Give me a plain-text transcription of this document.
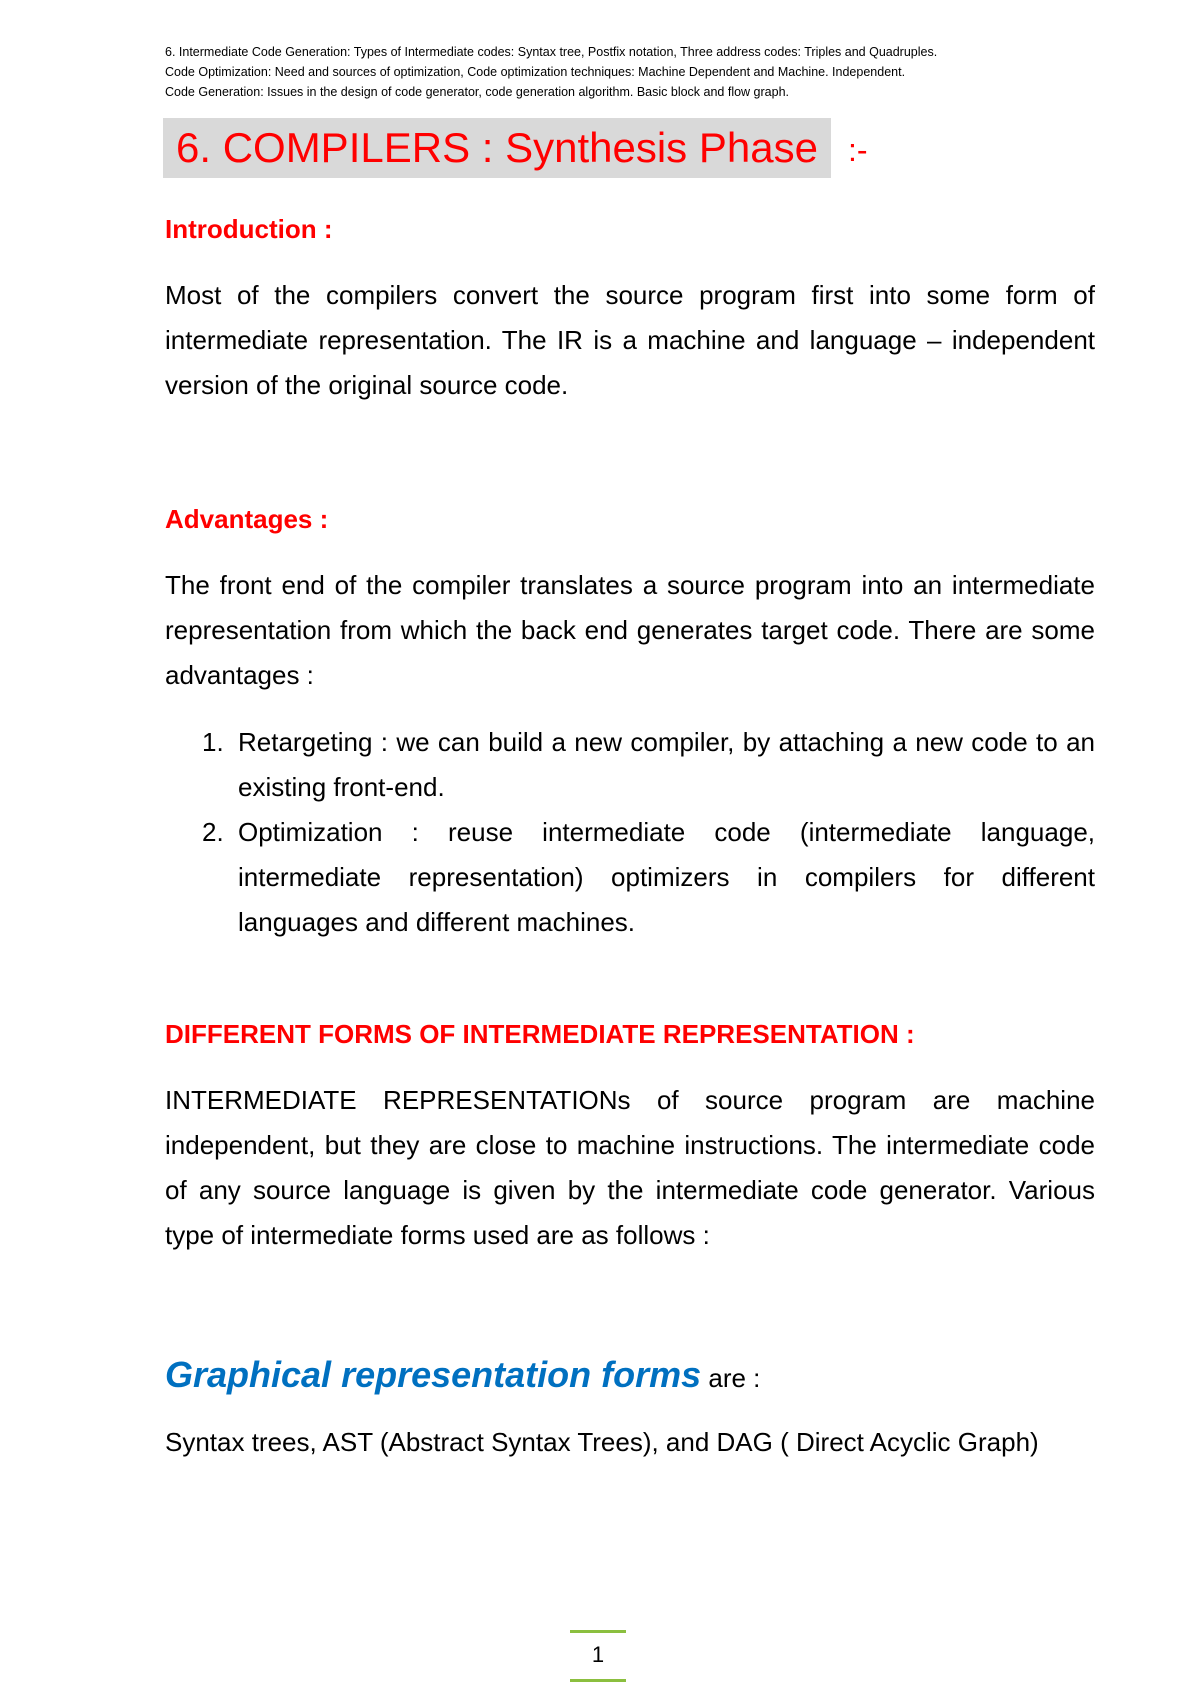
6. Intermediate Code Generation: Types of Intermediate codes: Syntax tree, Postfix notation, Three address codes: Triples and Quadruples.

Code Optimization: Need and sources of optimization, Code optimization techniques: Machine Dependent and Machine. Independent.

Code Generation: Issues in the design of code generator, code generation algorithm. Basic block and flow graph.

6. COMPILERS : Synthesis Phase :-
Introduction :

Most of the compilers convert the source program first into some form of intermediate representation. The IR is a machine and language – independent version of the original source code.

Advantages :

The front end of the compiler translates a source program into an intermediate representation from which the back end generates target code. There are some advantages :

1. Retargeting : we can build a new compiler, by attaching a new code to an existing front-end.
2. Optimization : reuse intermediate code (intermediate language, intermediate representation) optimizers in compilers for different languages and different machines.
DIFFERENT FORMS OF INTERMEDIATE REPRESENTATION :

INTERMEDIATE REPRESENTATIONs of source program are machine independent, but they are close to machine instructions. The intermediate code of any source language is given by the intermediate code generator. Various type of intermediate forms used are as follows :

Graphical representation forms are :

Syntax trees, AST (Abstract Syntax Trees), and DAG ( Direct Acyclic Graph)

1
